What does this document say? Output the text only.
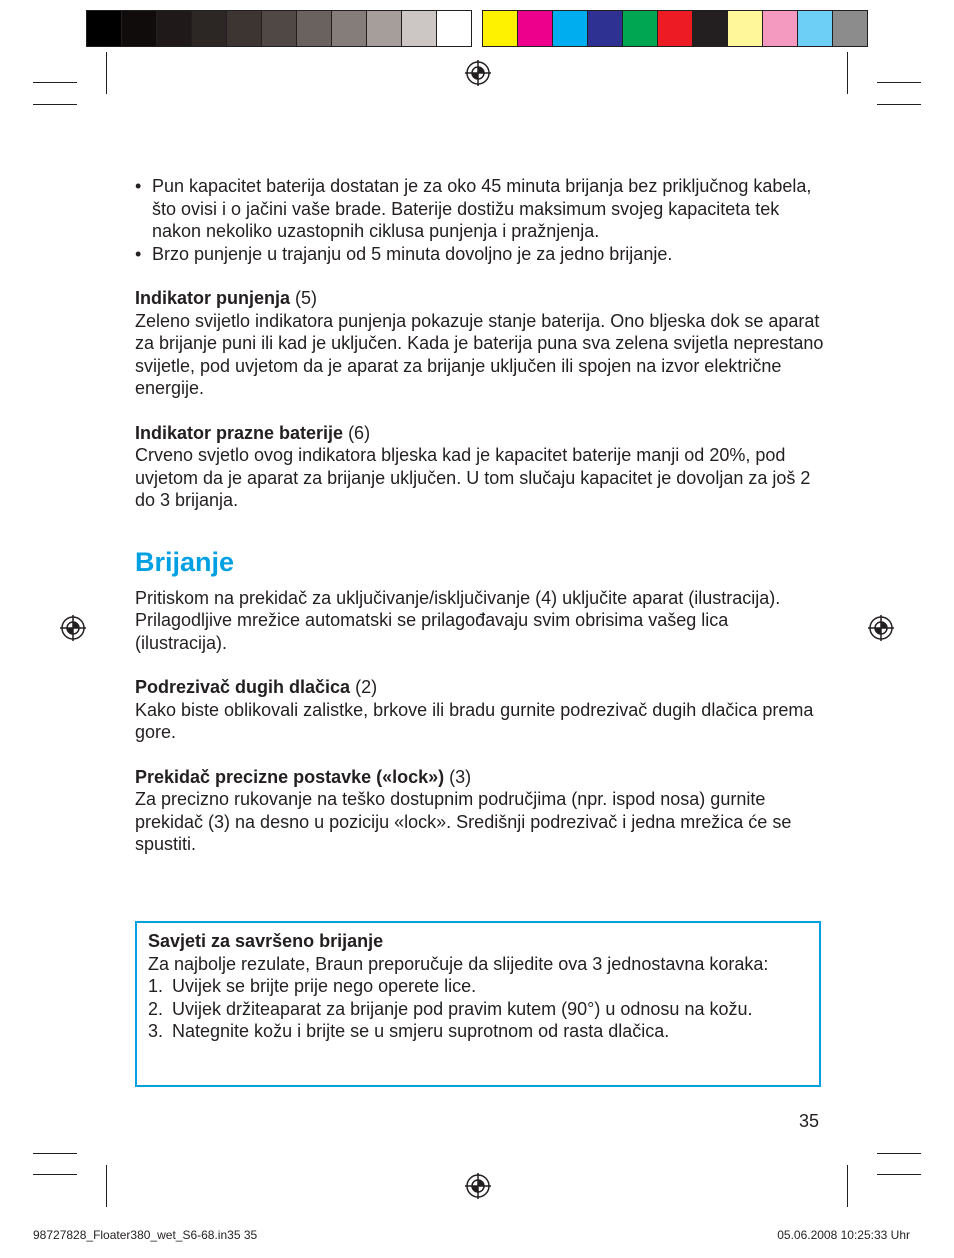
• Pun kapacitet baterija dostatan je za oko 45 minuta brijanja bez priključnog kabela, što ovisi i o jačini vaše brade. Baterije dostižu maksimum svojeg kapaciteta tek nakon nekoliko uzastopnih ciklusa punjenja i pražnjenja.
• Brzo punjenje u trajanju od 5 minuta dovoljno je za jedno brijanje.

Indikator punjenja (5)

Zeleno svijetlo indikatora punjenja pokazuje stanje baterija. Ono bljeska dok se aparat za brijanje puni ili kad je uključen. Kada je baterija puna sva zelena svijetla neprestano svijetle, pod uvjetom da je aparat za brijanje uključen ili spojen na izvor električne energije.

Indikator prazne baterije (6)

Crveno svjetlo ovog indikatora bljeska kad je kapacitet baterije manji od 20%, pod uvjetom da je aparat za brijanje uključen. U tom slučaju kapacitet je dovoljan za još 2 do 3 brijanja.

Brijanje

Pritiskom na prekidač za uključivanje/isključivanje (4) uključite aparat (ilustracija).

Prilagodljive mrežice automatski se prilagođavaju svim obrisima vašeg lica (ilustracija).

Podrezivač dugih dlačica (2)

Kako biste oblikovali zalistke, brkove ili bradu gurnite podrezivač dugih dlačica prema gore.

Prekidač precizne postavke («lock») (3)

Za precizno rukovanje na teško dostupnim područjima (npr. ispod nosa) gurnite prekidač (3) na desno u poziciju «lock». Središnji podrezivač i jedna mrežica će se spustiti.

Savjeti za savršeno brijanje

Za najbolje rezulate, Braun preporučuje da slijedite ova 3 jednostavna koraka:

1. Uvijek se brijte prije nego operete lice.
2. Uvijek držiteaparat za brijanje pod pravim kutem (90°) u odnosu na kožu.
3. Nategnite kožu i brijte se u smjeru suprotnom od rasta dlačica.
35
98727828_Floater380_wet_S6-68.in35 35	05.06.2008 10:25:33 Uhr
